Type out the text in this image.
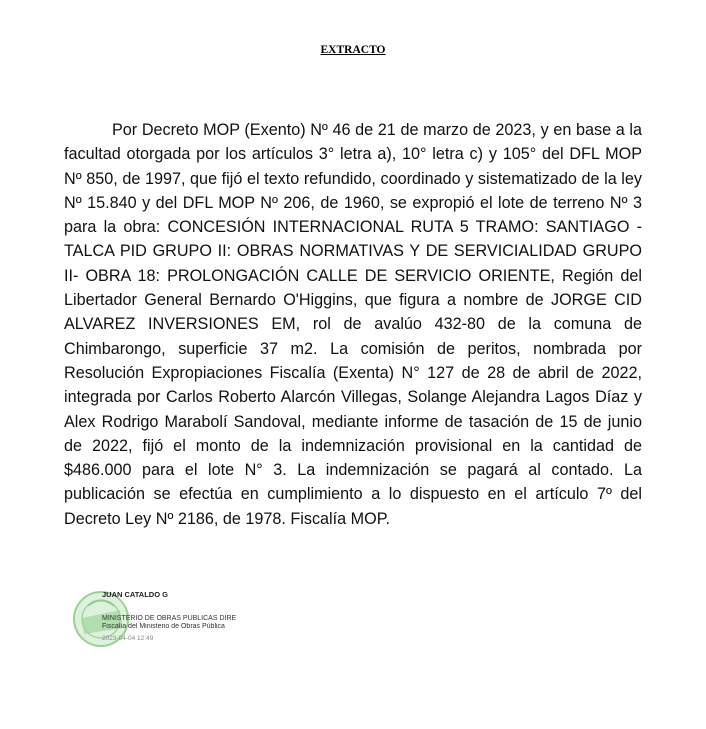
EXTRACTO

Por Decreto MOP (Exento) Nº 46 de 21 de marzo de 2023, y en base a la facultad otorgada por los artículos 3° letra a), 10° letra c) y 105° del DFL MOP Nº 850, de 1997, que fijó el texto refundido, coordinado y sistematizado de la ley Nº 15.840 y del DFL MOP Nº 206, de 1960, se expropió el lote de terreno Nº 3 para la obra: CONCESIÓN INTERNACIONAL RUTA 5 TRAMO: SANTIAGO - TALCA PID GRUPO II: OBRAS NORMATIVAS Y DE SERVICIALIDAD GRUPO II- OBRA 18: PROLONGACIÓN CALLE DE SERVICIO ORIENTE, Región del Libertador General Bernardo O'Higgins, que figura a nombre de JORGE CID ALVAREZ INVERSIONES EM, rol de avalúo 432-80 de la comuna de Chimbarongo, superficie 37 m2. La comisión de peritos, nombrada por Resolución Expropiaciones Fiscalía (Exenta) N° 127 de 28 de abril de 2022, integrada por Carlos Roberto Alarcón Villegas, Solange Alejandra Lagos Díaz y Alex Rodrigo Marabolí Sandoval, mediante informe de tasación de 15 de junio de 2022, fijó el monto de la indemnización provisional en la cantidad de $486.000 para el lote N° 3. La indemnización se pagará al contado. La publicación se efectúa en cumplimiento a lo dispuesto en el artículo 7º del Decreto Ley Nº 2186, de 1978. Fiscalía MOP.

JUAN CATALDO G
MINISTERIO DE OBRAS PUBLICAS DIRE
Fiscalía del Ministerio de Obras Pública
2023-04-04 12:49
